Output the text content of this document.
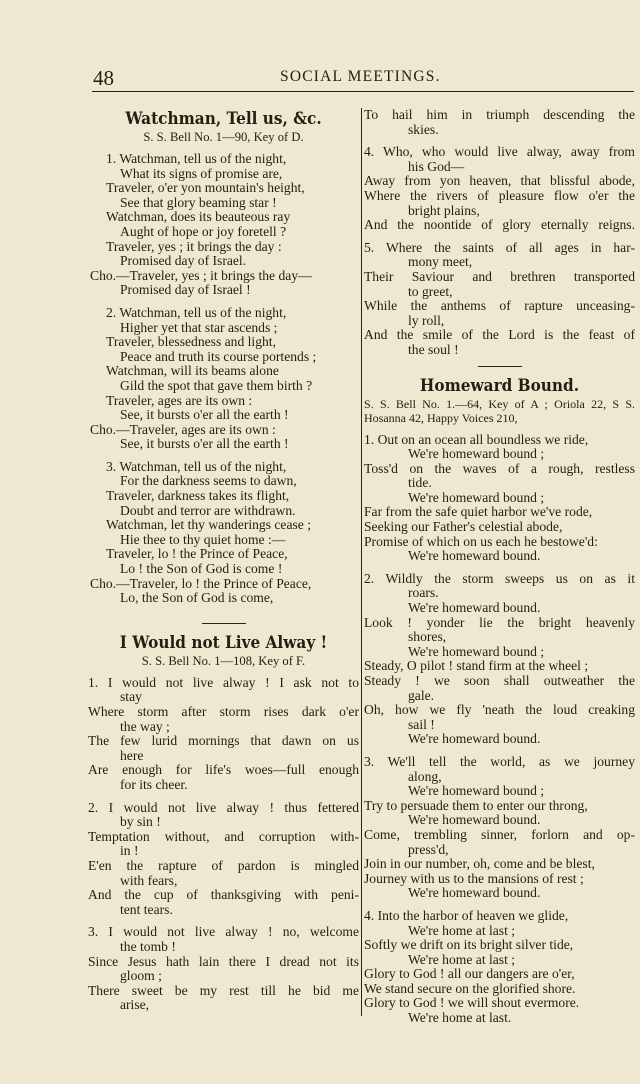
48	SOCIAL MEETINGS.
Watchman, Tell us, &c.
S. S. Bell No. 1—90, Key of D.
1. Watchman, tell us of the night,
What its signs of promise are,
Traveler, o'er yon mountain's height,
See that glory beaming star !
Watchman, does its beauteous ray
Aught of hope or joy foretell ?
Traveler, yes ; it brings the day :
Promised day of Israel.
Cho.—Traveler, yes ; it brings the day—
Promised day of Israel !
2. Watchman, tell us of the night,
Higher yet that star ascends ;
Traveler, blessedness and light,
Peace and truth its course portends ;
Watchman, will its beams alone
Gild the spot that gave them birth ?
Traveler, ages are its own :
See, it bursts o'er all the earth !
Cho.—Traveler, ages are its own :
See, it bursts o'er all the earth !
3. Watchman, tell us of the night,
For the darkness seems to dawn,
Traveler, darkness takes its flight,
Doubt and terror are withdrawn.
Watchman, let thy wanderings cease ;
Hie thee to thy quiet home :—
Traveler, lo ! the Prince of Peace,
Lo ! the Son of God is come !
Cho.—Traveler, lo ! the Prince of Peace,
Lo, the Son of God is come,
I Would not Live Alway !
S. S. Bell No. 1—108, Key of F.
1. I would not live alway ! I ask not to
stay
Where storm after storm rises dark o'er
the way ;
The few lurid mornings that dawn on us
here
Are enough for life's woes—full enough
for its cheer.
2. I would not live alway ! thus fettered
by sin !
Temptation without, and corruption with-
in !
E'en the rapture of pardon is mingled
with fears,
And the cup of thanksgiving with peni-
tent tears.
3. I would not live alway ! no, welcome
the tomb !
Since Jesus hath lain there I dread not its
gloom ;
There sweet be my rest till he bid me
arise,
To hail him in triumph descending the
skies.
4. Who, who would live alway, away from
his God—
Away from yon heaven, that blissful abode,
Where the rivers of pleasure flow o'er the
bright plains,
And the noontide of glory eternally reigns.
5. Where the saints of all ages in har-
mony meet,
Their Saviour and brethren transported
to greet,
While the anthems of rapture unceasing-
ly roll,
And the smile of the Lord is the feast of
the soul !
Homeward Bound.
S. S. Bell No. 1.—64, Key of A ; Oriola 22, S S. Hosanna 42, Happy Voices 210,
1. Out on an ocean all boundless we ride,
We're homeward bound ;
Toss'd on the waves of a rough, restless
tide.
We're homeward bound ;
Far from the safe quiet harbor we've rode,
Seeking our Father's celestial abode,
Promise of which on us each he bestowe'd:
We're homeward bound.
2. Wildly the storm sweeps us on as it
roars.
We're homeward bound.
Look ! yonder lie the bright heavenly
shores,
We're homeward bound ;
Steady, O pilot ! stand firm at the wheel ;
Steady ! we soon shall outweather the
gale.
Oh, how we fly 'neath the loud creaking
sail !
We're homeward bound.
3. We'll tell the world, as we journey
along,
We're homeward bound ;
Try to persuade them to enter our throng,
We're homeward bound.
Come, trembling sinner, forlorn and op-
press'd,
Join in our number, oh, come and be blest,
Journey with us to the mansions of rest ;
We're homeward bound.
4. Into the harbor of heaven we glide,
We're home at last ;
Softly we drift on its bright silver tide,
We're home at last ;
Glory to God ! all our dangers are o'er,
We stand secure on the glorified shore.
Glory to God ! we will shout evermore.
We're home at last.
